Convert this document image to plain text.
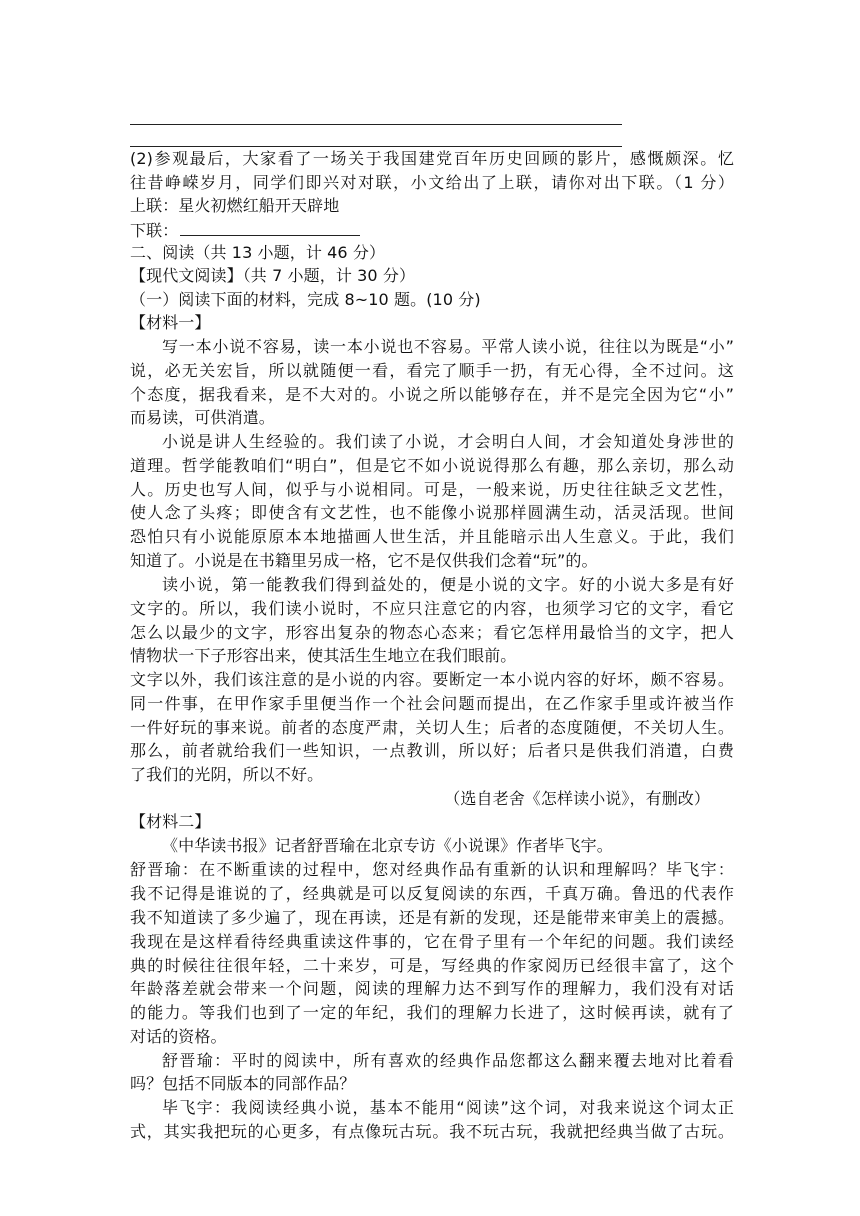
(2)参观最后，大家看了一场关于我国建党百年历史回顾的影片，感慨颇深。忆
往昔峥嵘岁月，同学们即兴对对联，小文给出了上联，请你对出下联。（1 分）
上联：星火初燃红船开天辟地
下联：
二、阅读（共 13 小题，计 46 分）
【现代文阅读】（共 7 小题，计 30 分）
（一）阅读下面的材料，完成 8~10 题。(10 分)
【材料一】
写一本小说不容易，读一本小说也不容易。平常人读小说，往往以为既是“小”
说，必无关宏旨，所以就随便一看，看完了顺手一扔，有无心得，全不过问。这
个态度，据我看来，是不大对的。小说之所以能够存在，并不是完全因为它“小”
而易读，可供消遣。
小说是讲人生经验的。我们读了小说，才会明白人间，才会知道处身涉世的
道理。哲学能教咱们“明白”，但是它不如小说说得那么有趣，那么亲切，那么动
人。历史也写人间，似乎与小说相同。可是，一般来说，历史往往缺乏文艺性，
使人念了头疼；即使含有文艺性，也不能像小说那样圆满生动，活灵活现。世间
恐怕只有小说能原原本本地描画人世生活，并且能暗示出人生意义。于此，我们
知道了。小说是在书籍里另成一格，它不是仅供我们念着“玩”的。
读小说，第一能教我们得到益处的，便是小说的文字。好的小说大多是有好
文字的。所以，我们读小说时，不应只注意它的内容，也须学习它的文字，看它
怎么以最少的文字，形容出复杂的物态心态来；看它怎样用最恰当的文字，把人
情物状一下子形容出来，使其活生生地立在我们眼前。
文字以外，我们该注意的是小说的内容。要断定一本小说内容的好坏，颇不容易。
同一件事，在甲作家手里便当作一个社会问题而提出，在乙作家手里或许被当作
一件好玩的事来说。前者的态度严肃，关切人生；后者的态度随便，不关切人生。
那么，前者就给我们一些知识，一点教训，所以好；后者只是供我们消遣，白费
了我们的光阴，所以不好。
（选自老舍《怎样读小说》，有删改）
【材料二】
《中华读书报》记者舒晋瑜在北京专访《小说课》作者毕飞宇。
舒晋瑜：在不断重读的过程中，您对经典作品有重新的认识和理解吗？毕飞宇：
我不记得是谁说的了，经典就是可以反复阅读的东西，千真万确。鲁迅的代表作
我不知道读了多少遍了，现在再读，还是有新的发现，还是能带来审美上的震撼。
我现在是这样看待经典重读这件事的，它在骨子里有一个年纪的问题。我们读经
典的时候往往很年轻，二十来岁，可是，写经典的作家阅历已经很丰富了，这个
年龄落差就会带来一个问题，阅读的理解力达不到写作的理解力，我们没有对话
的能力。等我们也到了一定的年纪，我们的理解力长进了，这时候再读，就有了
对话的资格。
舒晋瑜：平时的阅读中，所有喜欢的经典作品您都这么翻来覆去地对比着看
吗？包括不同版本的同部作品？
毕飞宇：我阅读经典小说，基本不能用“阅读”这个词，对我来说这个词太正
式，其实我把玩的心更多，有点像玩古玩。我不玩古玩，我就把经典当做了古玩。
